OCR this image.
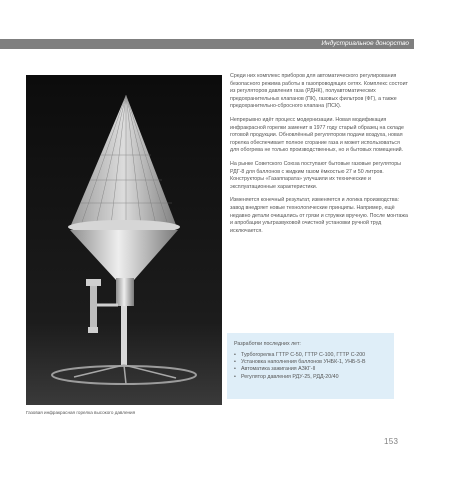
Индустриальное донорство
Газовая инфракрасная горелка высокого давления

Среди них комплекс приборов для автоматического регулирования безопасного режима работы в газопроводящих сетях. Комплекс состоит из регуляторов давления газа (РДНК), полуавтоматических предохранительных клапанов (ПК), газовых фильтров (ФГ), а также предохранительно-сбросного клапана (ПСК).

Непрерывно идёт процесс модернизации. Новая модификация инфракрасной горелки заменит в 1977 году старый образец на складе готовой продукции. Обновлённый регулятором подачи воздуха, новая горелка обеспечивает полное сгорание газа и может использоваться для обогрева не только производственных, но и бытовых помещений.

На рынке Советского Союза поступают бытовые газовые регуляторы РДГ-8 для баллонов с жидким газом ёмкостью 27 и 50 литров. Конструкторы «Газаппарата» улучшили их технические и эксплуатационные характеристики.

Изменяется конечный результат, изменяется и логика производства: завод внедряет новые технологические принципы. Например, ещё недавно детали очищались от грязи и стружки вручную. После монтажа и апробации ультразвуковой очистной установки ручной труд исключается.

Разработки последних лет:
• Турбогорелка ГТТР С-50, ГТТР С-100, ГТТР С-200
• Установка наполнения баллонов УНБК-1, УНБ-5-В
• Автоматика зажигания АЗКГ-II
• Регулятор давления РДУ-25, РДД-20/40
153
